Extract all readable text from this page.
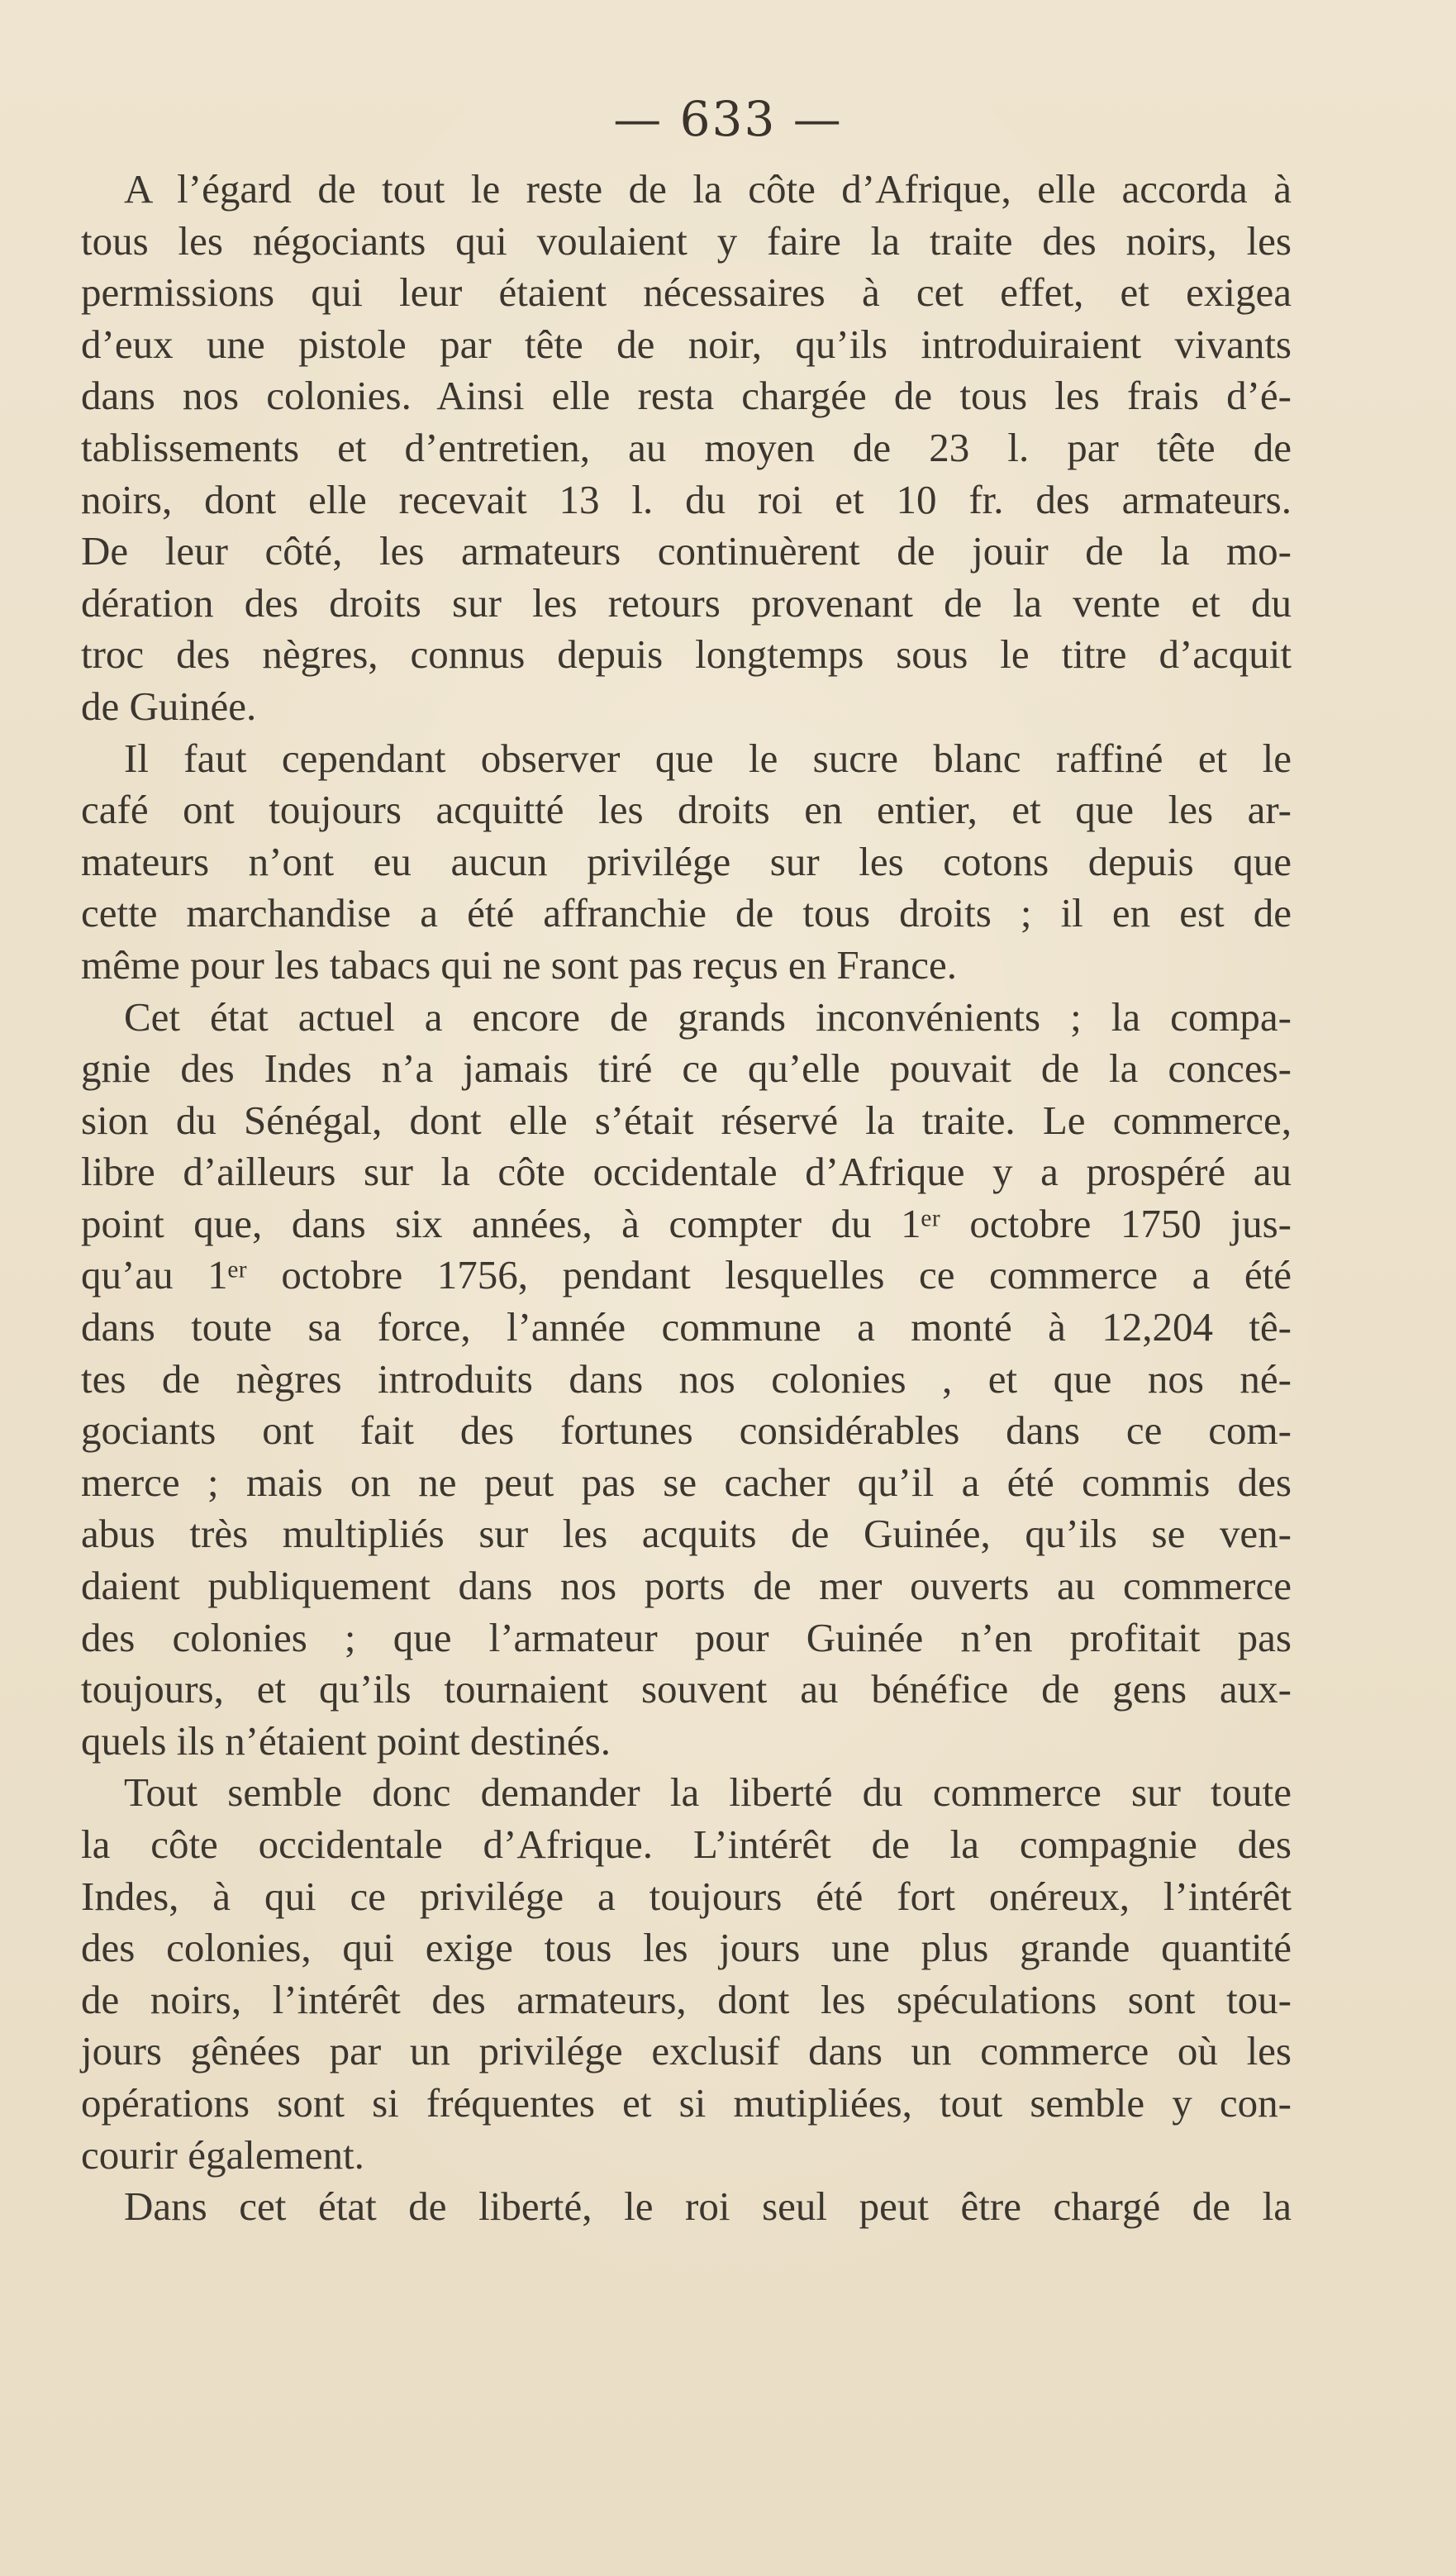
— 633 —
A l’égard de tout le reste de la côte d’Afrique, elle accorda à
tous les négociants qui voulaient y faire la traite des noirs, les
permissions qui leur étaient nécessaires à cet effet, et exigea
d’eux une pistole par tête de noir, qu’ils introduiraient vivants
dans nos colonies. Ainsi elle resta chargée de tous les frais d’é-
tablissements et d’entretien, au moyen de 23 l. par tête de
noirs, dont elle recevait 13 l. du roi et 10 fr. des armateurs.
De leur côté, les armateurs continuèrent de jouir de la mo-
dération des droits sur les retours provenant de la vente et du
troc des nègres, connus depuis longtemps sous le titre d’acquit
de Guinée.
Il faut cependant observer que le sucre blanc raffiné et le
café ont toujours acquitté les droits en entier, et que les ar-
mateurs n’ont eu aucun privilége sur les cotons depuis que
cette marchandise a été affranchie de tous droits ; il en est de
même pour les tabacs qui ne sont pas reçus en France.
Cet état actuel a encore de grands inconvénients ; la compa-
gnie des Indes n’a jamais tiré ce qu’elle pouvait de la conces-
sion du Sénégal, dont elle s’était réservé la traite. Le commerce,
libre d’ailleurs sur la côte occidentale d’Afrique y a prospéré au
point que, dans six années, à compter du 1ᵉʳ octobre 1750 jus-
qu’au 1ᵉʳ octobre 1756, pendant lesquelles ce commerce a été
dans toute sa force, l’année commune a monté à 12,204 tê-
tes de nègres introduits dans nos colonies , et que nos né-
gociants ont fait des fortunes considérables dans ce com-
merce ; mais on ne peut pas se cacher qu’il a été commis des
abus très multipliés sur les acquits de Guinée, qu’ils se ven-
daient publiquement dans nos ports de mer ouverts au commerce
des colonies ; que l’armateur pour Guinée n’en profitait pas
toujours, et qu’ils tournaient souvent au bénéfice de gens aux-
quels ils n’étaient point destinés.
Tout semble donc demander la liberté du commerce sur toute
la côte occidentale d’Afrique. L’intérêt de la compagnie des
Indes, à qui ce privilége a toujours été fort onéreux, l’intérêt
des colonies, qui exige tous les jours une plus grande quantité
de noirs, l’intérêt des armateurs, dont les spéculations sont tou-
jours gênées par un privilége exclusif dans un commerce où les
opérations sont si fréquentes et si mutipliées, tout semble y con-
courir également.
Dans cet état de liberté, le roi seul peut être chargé de la
